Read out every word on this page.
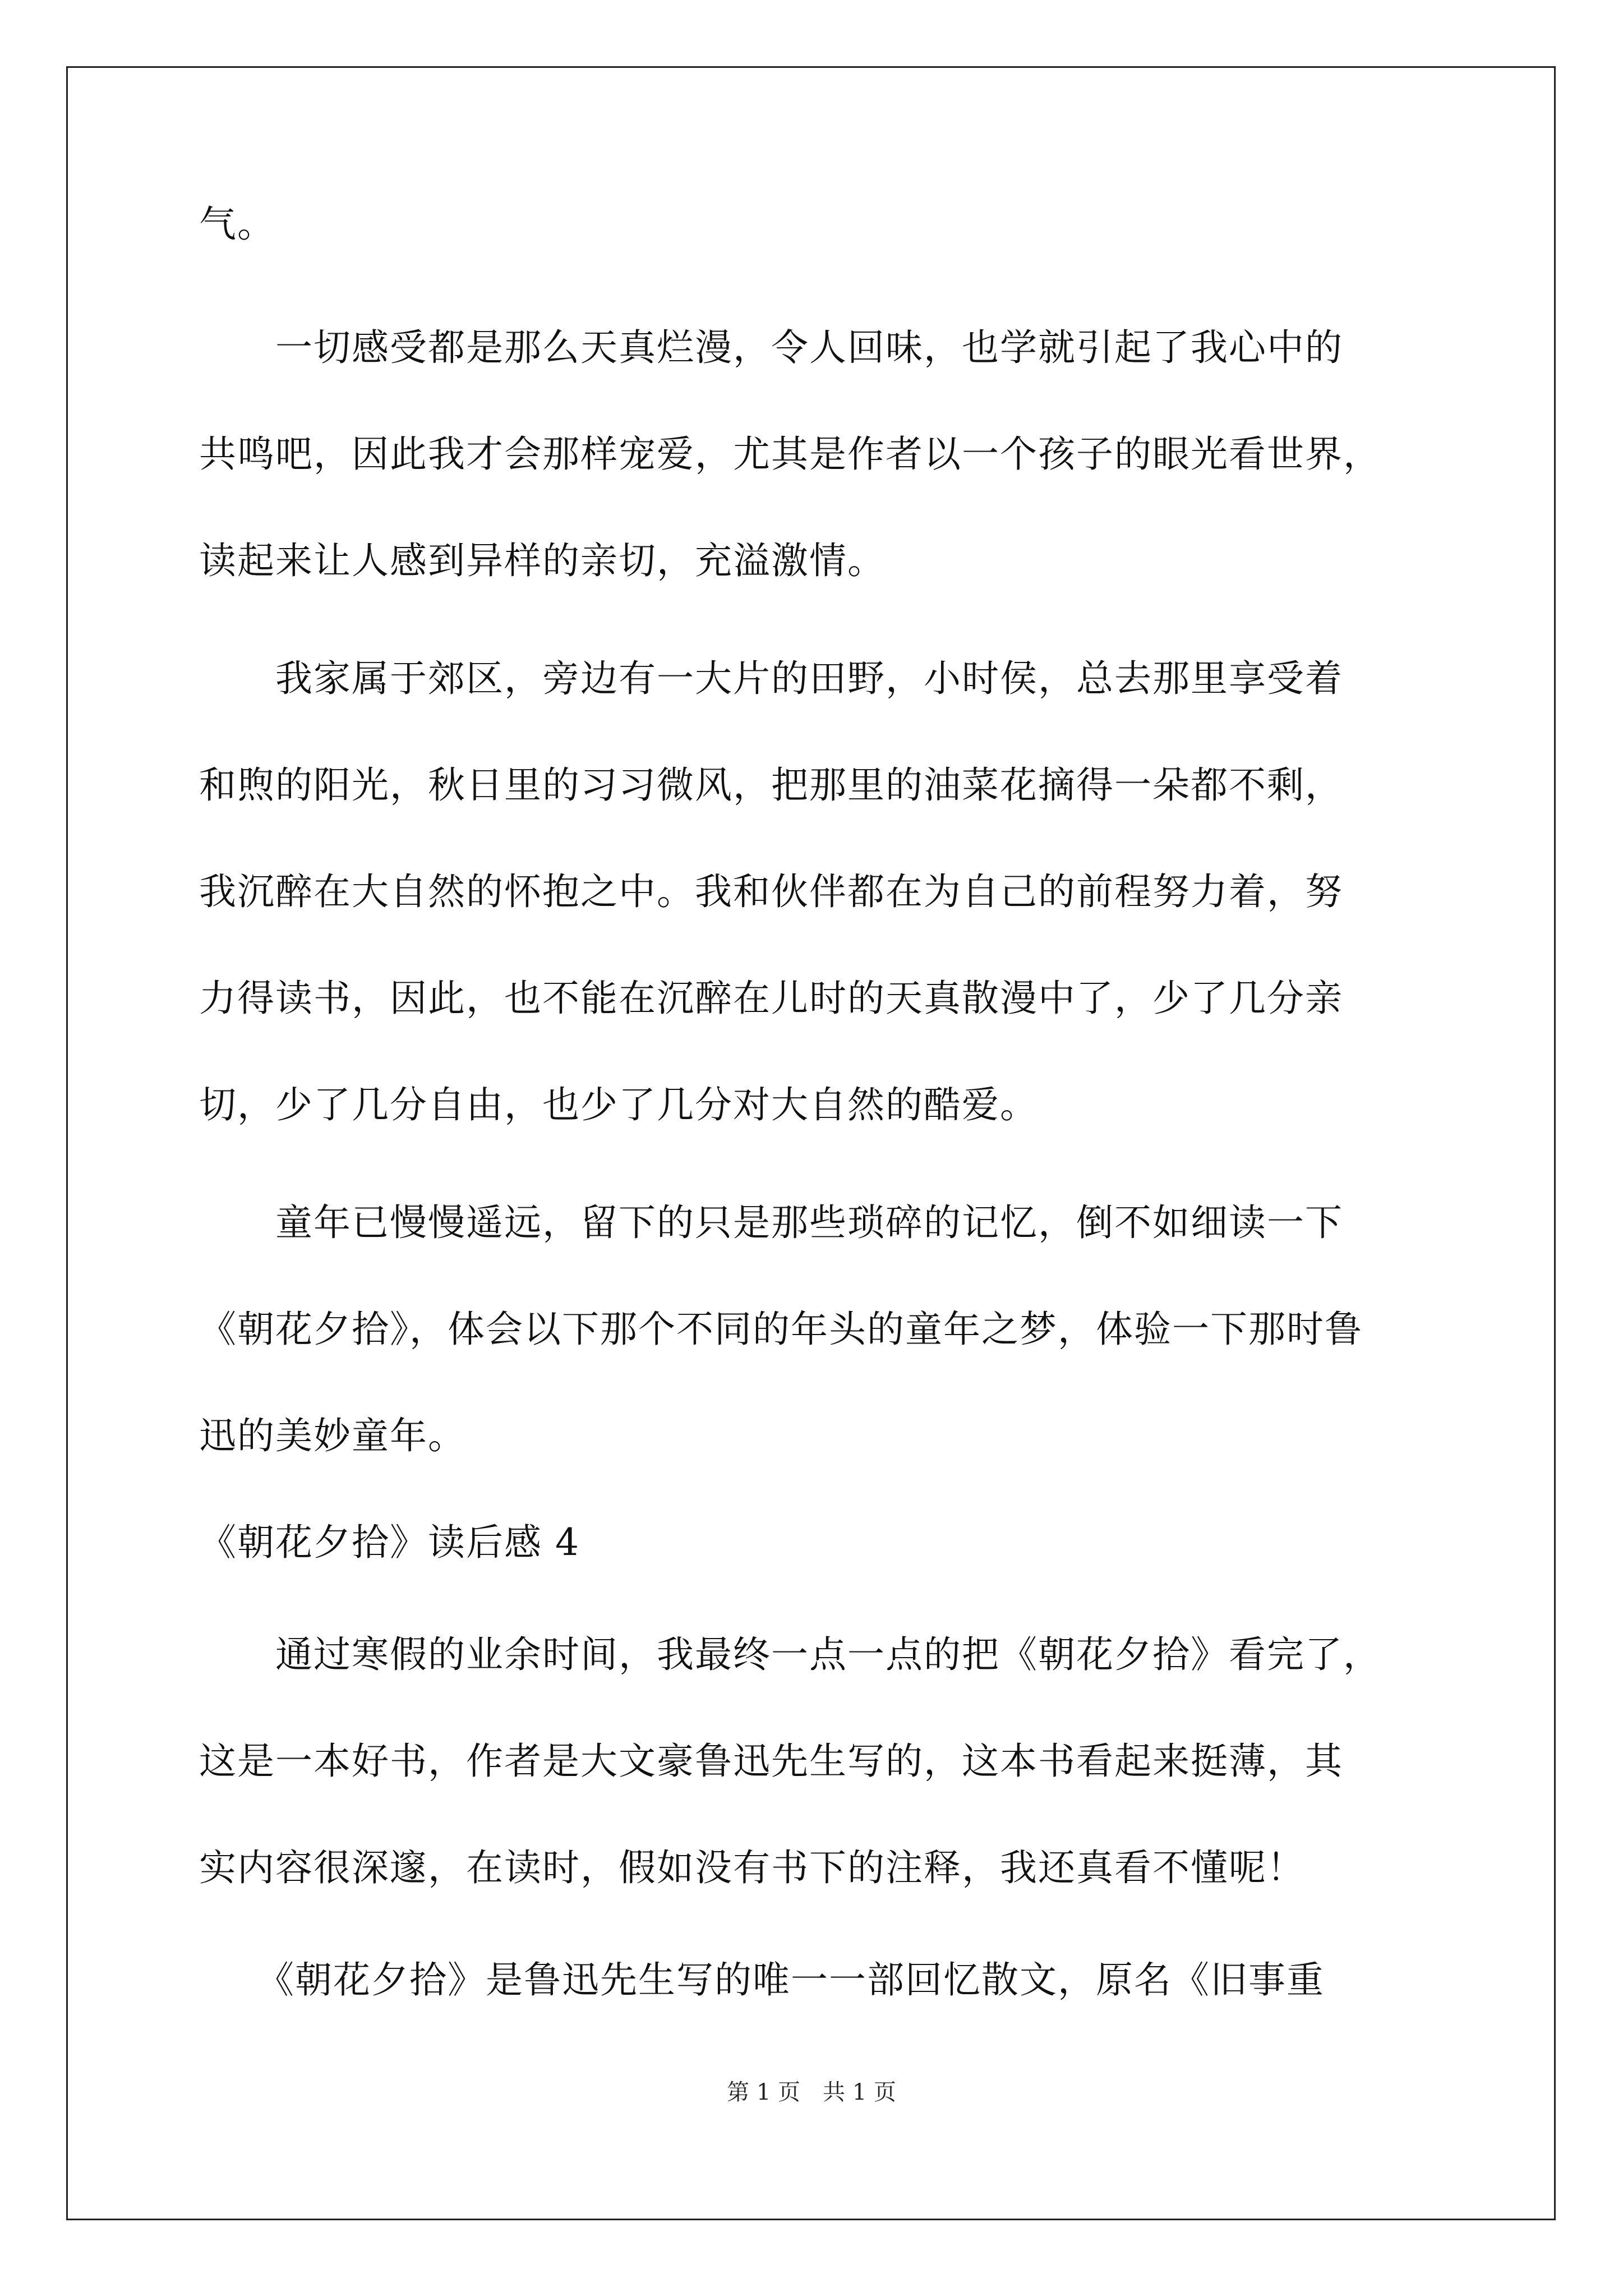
气。
　　一切感受都是那么天真烂漫，令人回味，也学就引起了我心中的
共鸣吧，因此我才会那样宠爱，尤其是作者以一个孩子的眼光看世界，
读起来让人感到异样的亲切，充溢激情。
　　我家属于郊区，旁边有一大片的田野，小时侯，总去那里享受着
和煦的阳光，秋日里的习习微风，把那里的油菜花摘得一朵都不剩，
我沉醉在大自然的怀抱之中。我和伙伴都在为自己的前程努力着，努
力得读书，因此，也不能在沉醉在儿时的天真散漫中了，少了几分亲
切，少了几分自由，也少了几分对大自然的酷爱。
　　童年已慢慢遥远，留下的只是那些琐碎的记忆，倒不如细读一下
《朝花夕拾》，体会以下那个不同的年头的童年之梦，体验一下那时鲁
迅的美妙童年。
《朝花夕拾》读后感 4
　　通过寒假的业余时间，我最终一点一点的把《朝花夕拾》看完了，
这是一本好书，作者是大文豪鲁迅先生写的，这本书看起来挺薄，其
实内容很深邃，在读时，假如没有书下的注释，我还真看不懂呢！
　　《朝花夕拾》是鲁迅先生写的唯一一部回忆散文，原名《旧事重
第 1 页　共 1 页
